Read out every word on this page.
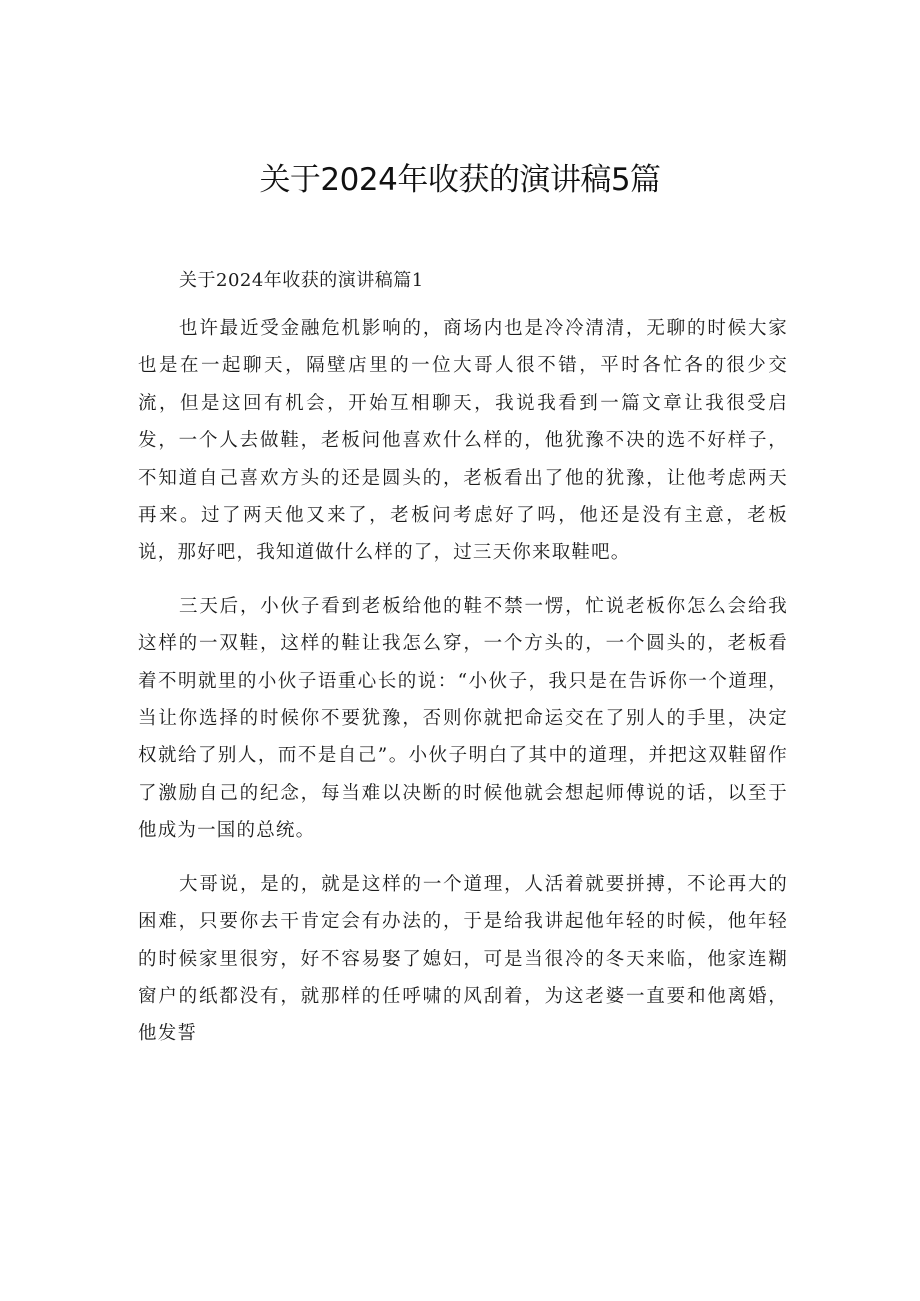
关于2024年收获的演讲稿5篇
关于2024年收获的演讲稿篇1

也许最近受金融危机影响的，商场内也是冷冷清清，无聊的时候大家也是在一起聊天，隔壁店里的一位大哥人很不错，平时各忙各的很少交流，但是这回有机会，开始互相聊天，我说我看到一篇文章让我很受启发，一个人去做鞋，老板问他喜欢什么样的，他犹豫不决的选不好样子，不知道自己喜欢方头的还是圆头的，老板看出了他的犹豫，让他考虑两天再来。过了两天他又来了，老板问考虑好了吗，他还是没有主意，老板说，那好吧，我知道做什么样的了，过三天你来取鞋吧。

三天后，小伙子看到老板给他的鞋不禁一愣，忙说老板你怎么会给我这样的一双鞋，这样的鞋让我怎么穿，一个方头的，一个圆头的，老板看着不明就里的小伙子语重心长的说：“小伙子，我只是在告诉你一个道理，当让你选择的时候你不要犹豫，否则你就把命运交在了别人的手里，决定权就给了别人，而不是自己”。小伙子明白了其中的道理，并把这双鞋留作了激励自己的纪念，每当难以决断的时候他就会想起师傅说的话，以至于他成为一国的总统。

大哥说，是的，就是这样的一个道理，人活着就要拼搏，不论再大的困难，只要你去干肯定会有办法的，于是给我讲起他年轻的时候，他年轻的时候家里很穷，好不容易娶了媳妇，可是当很冷的冬天来临，他家连糊窗户的纸都没有，就那样的任呼啸的风刮着，为这老婆一直要和他离婚，他发誓
